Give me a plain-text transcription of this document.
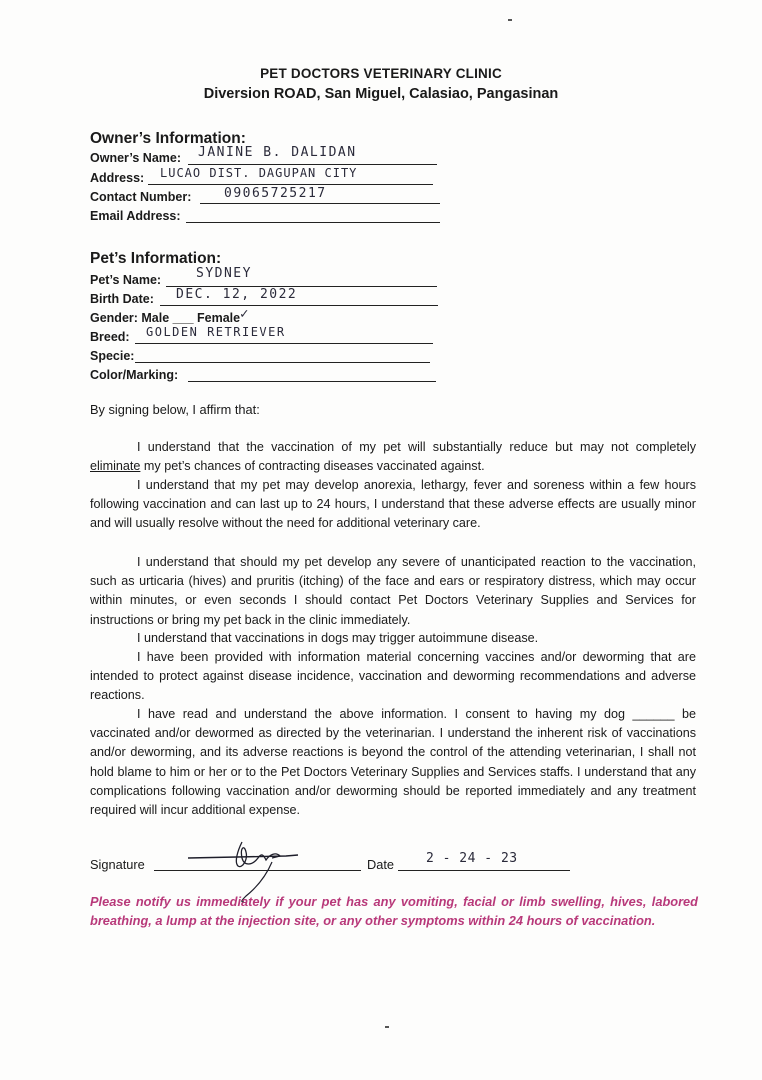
PET DOCTORS VETERINARY CLINIC
Diversion ROAD, San Miguel, Calasiao, Pangasinan
Owner’s Information:
Owner’s Name: JANINE B. DALIDAN
Address: LUCAO DIST. DAGUPAN CITY
Contact Number:	09065725217
Email Address:
Pet’s Information:
Pet’s Name:	SYDNEY
Birth Date: DEC. 12, 2022
Gender: Male ___ Female ✓
Breed: GOLDEN RETRIEVER
Specie:
Color/Marking:
By signing below, I affirm that:

I understand that the vaccination of my pet will substantially reduce but may not completely eliminate my pet’s chances of contracting diseases vaccinated against.

I understand that my pet may develop anorexia, lethargy, fever and soreness within a few hours following vaccination and can last up to 24 hours, I understand that these adverse effects are usually minor and will usually resolve without the need for additional veterinary care.

I understand that should my pet develop any severe of unanticipated reaction to the vaccination, such as urticaria (hives) and pruritis (itching) of the face and ears or respiratory distress, which may occur within minutes, or even seconds I should contact Pet Doctors Veterinary Supplies and Services for instructions or bring my pet back in the clinic immediately.

I understand that vaccinations in dogs may trigger autoimmune disease.

I have been provided with information material concerning vaccines and/or deworming that are intended to protect against disease incidence, vaccination and deworming recommendations and adverse reactions.

I have read and understand the above information. I consent to having my dog ______ be vaccinated and/or dewormed as directed by the veterinarian. I understand the inherent risk of vaccinations and/or deworming, and its adverse reactions is beyond the control of the attending veterinarian, I shall not hold blame to him or her or to the Pet Doctors Veterinary Supplies and Services staffs. I understand that any complications following vaccination and/or deworming should be reported immediately and any treatment required will incur additional expense.

Signature	Date 2 - 24 - 23
Please notify us immediately if your pet has any vomiting, facial or limb swelling, hives, labored breathing, a lump at the injection site, or any other symptoms within 24 hours of vaccination.
